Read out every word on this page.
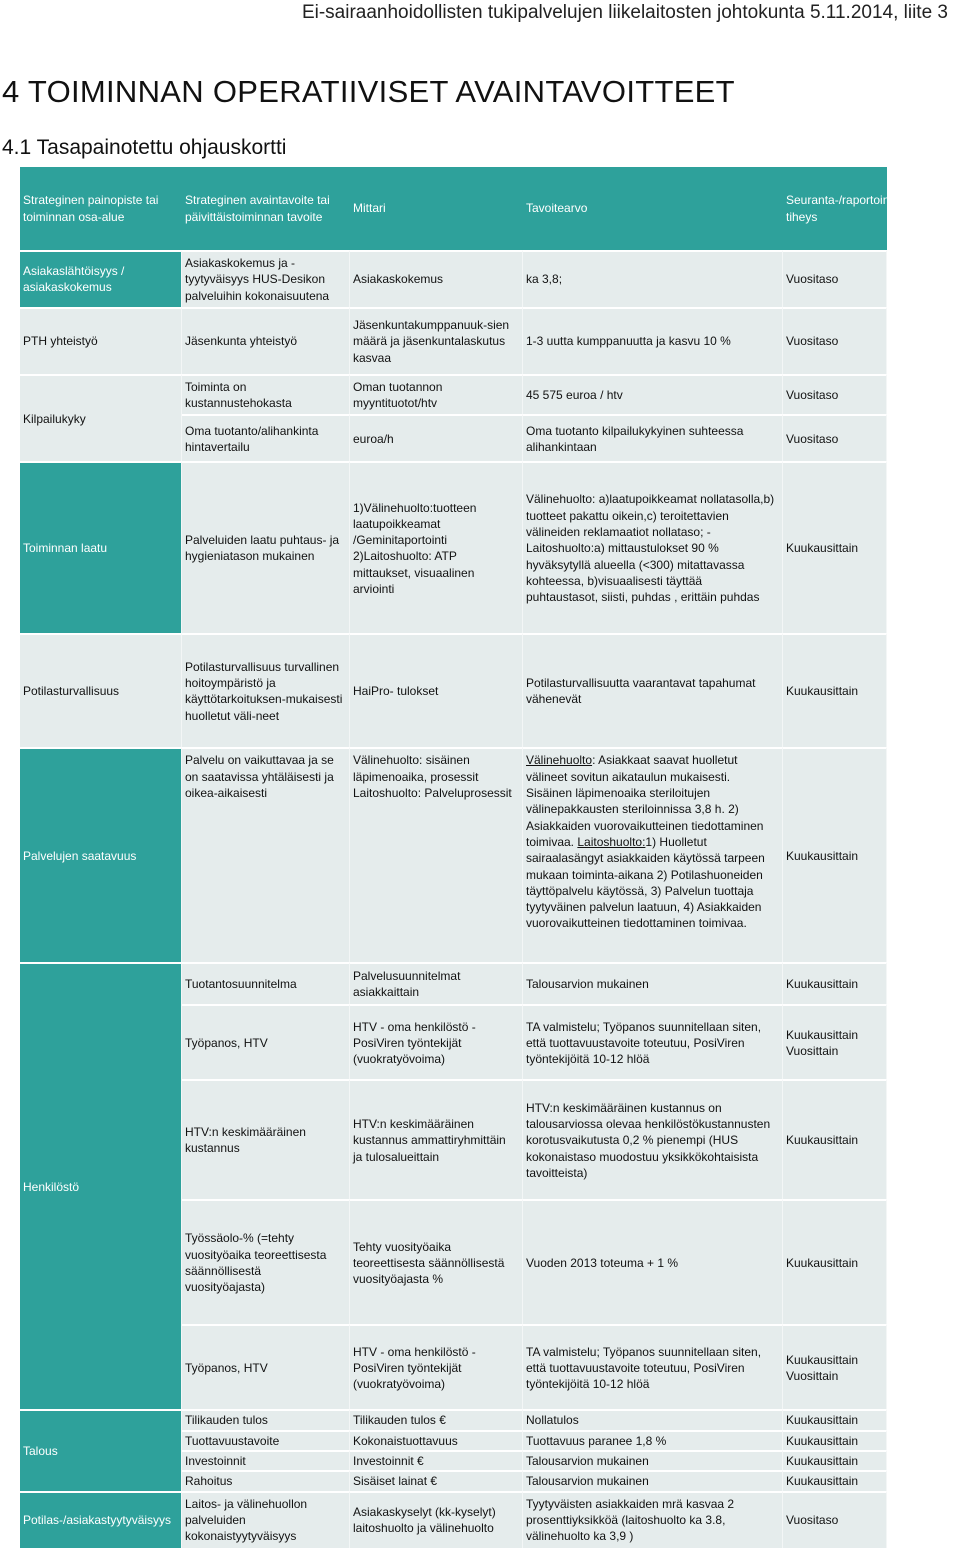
Ei-sairaanhoidollisten tukipalvelujen liikelaitosten johtokunta 5.11.2014, liite 3
4 TOIMINNAN OPERATIIVISET AVAINTAVOITTEET
4.1 Tasapainotettu ohjauskortti
Strateginen painopiste tai toiminnan osa-alue	Strateginen avaintavoite tai päivittäistoiminnan tavoite	Mittari	Tavoitearvo	Seuranta-/raportointi-tiheys
Asiakaslähtöisyys / asiakaskokemus	Asiakaskokemus ja -tyytyväisyys HUS-Desikon palveluihin kokonaisuutena	Asiakaskokemus	ka 3,8;	Vuositaso
PTH yhteistyö	Jäsenkunta yhteistyö	Jäsenkuntakumppanuuk-sien määrä ja jäsenkuntalaskutus kasvaa	1-3 uutta kumppanuutta ja kasvu 10 %	Vuositaso
Kilpailukyky	Toiminta on kustannustehokasta	Oman tuotannon myyntituotot/htv	45 575 euroa / htv	Vuositaso
	Oma tuotanto/alihankinta hintavertailu	euroa/h	Oma tuotanto kilpailukykyinen suhteessa alihankintaan	Vuositaso
Toiminnan laatu	Palveluiden laatu puhtaus- ja hygieniatason mukainen	1)Välinehuolto:tuotteen laatupoikkeamat /Geminitaportointi 2)Laitoshuolto: ATP mittaukset, visuaalinen arviointi	Välinehuolto: a)laatupoikkeamat nollatasolla,b) tuotteet pakattu oikein,c) teroitettavien välineiden reklamaatiot nollataso; - Laitoshuolto:a) mittaustulokset 90 % hyväksytyllä alueella (<300) mitattavassa kohteessa, b)visuaalisesti täyttää puhtaustasot, siisti, puhdas , erittäin puhdas	Kuukausittain
Potilasturvallisuus	Potilasturvallisuus turvallinen hoitoympäristö ja käyttötarkoituksen-mukaisesti huolletut väli-neet	HaiPro- tulokset	Potilasturvallisuutta vaarantavat tapahumat vähenevät	Kuukausittain
Palvelujen saatavuus	Palvelu on vaikuttavaa ja se on saatavissa yhtäläisesti ja oikea-aikaisesti	Välinehuolto: sisäinen läpimenoaika, prosessit Laitoshuolto: Palveluprosessit	Välinehuolto: Asiakkaat saavat huolletut välineet sovitun aikataulun mukaisesti. Sisäinen läpimenoaika steriloitujen välinepakkausten steriloinnissa 3,8 h. 2) Asiakkaiden vuorovaikutteinen tiedottaminen toimivaa. Laitoshuolto:1) Huolletut sairaalasängyt asiakkaiden käytössä tarpeen mukaan toiminta-aikana 2) Potilashuoneiden täyttöpalvelu käytössä, 3) Palvelun tuottaja tyytyväinen palvelun laatuun, 4) Asiakkaiden vuorovaikutteinen tiedottaminen toimivaa.	Kuukausittain
Henkilöstö	Tuotantosuunnitelma	Palvelusuunnitelmat asiakkaittain	Talousarvion mukainen	Kuukausittain
	Työpanos, HTV	HTV - oma henkilöstö - PosiViren työntekijät (vuokratyövoima)	TA valmistelu; Työpanos suunnitellaan siten, että tuottavuustavoite toteutuu, PosiViren työntekijöitä 10-12 hlöä	Kuukausittain Vuosittain
	HTV:n keskimääräinen kustannus	HTV:n keskimääräinen kustannus ammattiryhmittäin ja tulosalueittain	HTV:n keskimääräinen kustannus on talousarviossa olevaa henkilöstökustannusten korotusvaikutusta 0,2 % pienempi (HUS kokonaistaso muodostuu yksikkökohtaisista tavoitteista)	Kuukausittain
	Työssäolo-% (=tehty vuosityöaika teoreettisesta säännöllisestä vuosityöajasta)	Tehty vuosityöaika teoreettisesta säännöllisestä vuosityöajasta %	Vuoden 2013 toteuma + 1 %	Kuukausittain
	Työpanos, HTV	HTV - oma henkilöstö - PosiViren työntekijät (vuokratyövoima)	TA valmistelu; Työpanos suunnitellaan siten, että tuottavuustavoite toteutuu, PosiViren työntekijöitä 10-12 hlöä	Kuukausittain Vuosittain
Talous	Tilikauden tulos	Tilikauden tulos €	Nollatulos	Kuukausittain
	Tuottavuustavoite	Kokonaistuottavuus	Tuottavuus paranee 1,8 %	Kuukausittain
	Investoinnit	Investoinnit €	Talousarvion mukainen	Kuukausittain
	Rahoitus	Sisäiset lainat €	Talousarvion mukainen	Kuukausittain
Potilas-/asiakastyytyväisyys	Laitos- ja välinehuollon palveluiden kokonaistyytyväisyys	Asiakaskyselyt (kk-kyselyt) laitoshuolto ja välinehuolto	Tyytyväisten asiakkaiden mrä kasvaa 2 prosenttiyksikköä (laitoshuolto ka 3.8, välinehuolto ka 3,9 )	Vuositaso
